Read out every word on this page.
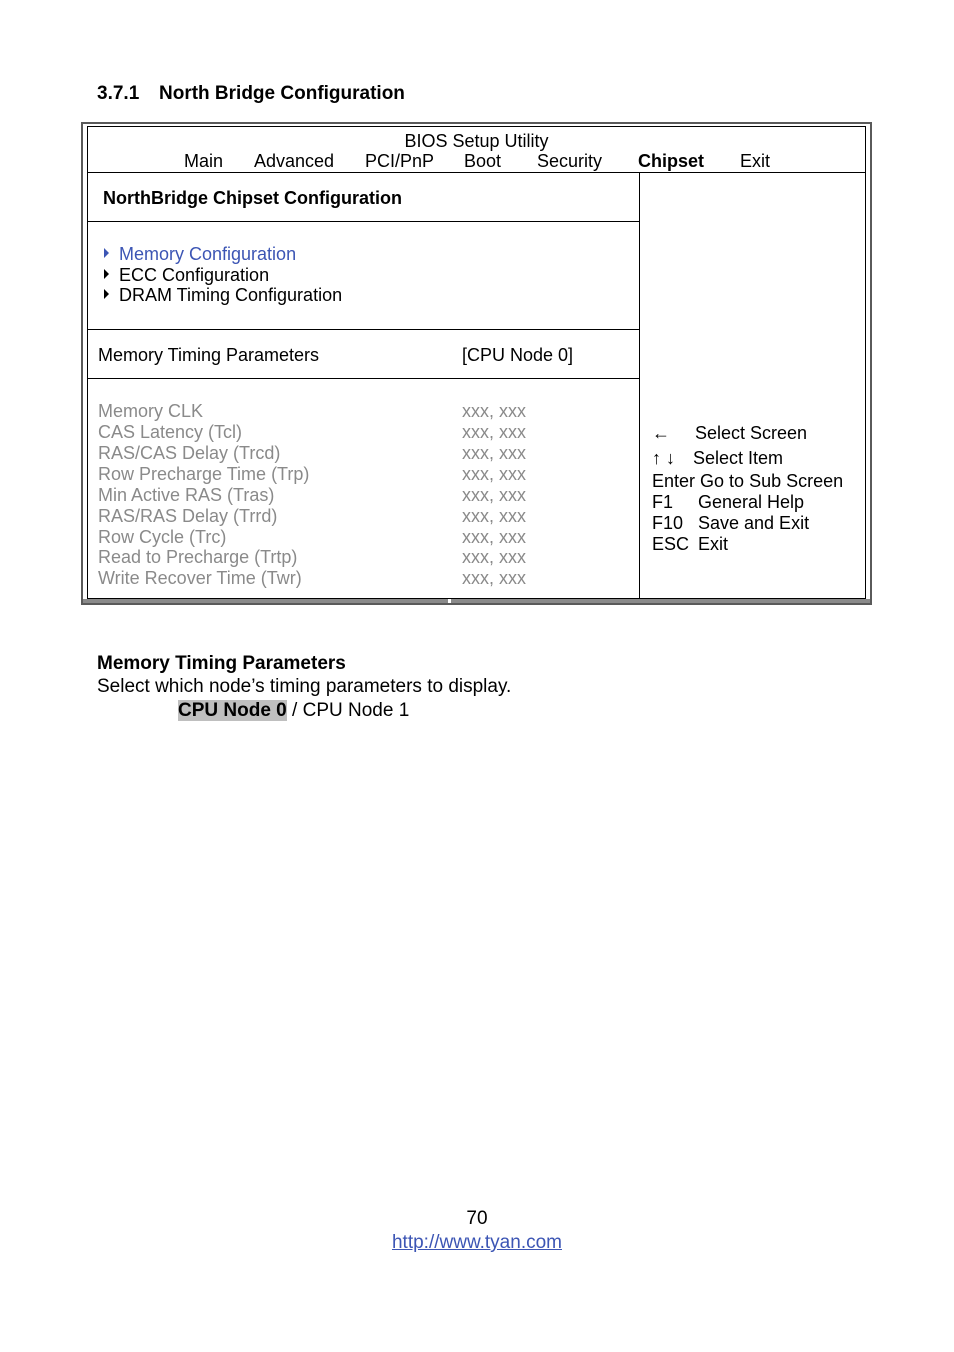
3.7.1 North Bridge Configuration
BIOS Setup Utility
Main Advanced PCI/PnP Boot Security Chipset Exit
NorthBridge Chipset Configuration
Memory Configuration
ECC Configuration
DRAM Timing Configuration
Memory Timing Parameters	[CPU Node 0]
Memory CLK	xxx, xxx
CAS Latency (Tcl)	xxx, xxx
RAS/CAS Delay (Trcd)	xxx, xxx
Row Precharge Time (Trp)	xxx, xxx
Min Active RAS (Tras)	xxx, xxx
RAS/RAS Delay (Trrd)	xxx, xxx
Row Cycle (Trc)	xxx, xxx
Read to Precharge (Trtp)	xxx, xxx
Write Recover Time (Twr)	xxx, xxx
← Select Screen
↑ ↓ Select Item
Enter Go to Sub Screen
F1 General Help
F10 Save and Exit
ESC Exit
Memory Timing Parameters
Select which node’s timing parameters to display.
CPU Node 0 / CPU Node 1
70
http://www.tyan.com
